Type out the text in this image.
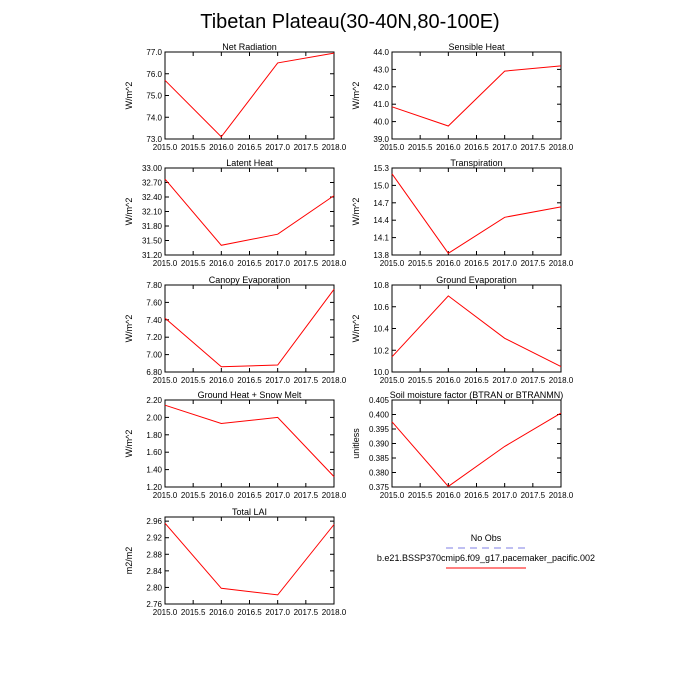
Tibetan Plateau(30-40N,80-100E)
Net Radiation
2015.0 2015.5 2016.0 2016.5 2017.0 2017.5 2018.0
73.0
74.0
75.0
76.0
77.0
W/m^2
Sensible Heat
2015.0 2015.5 2016.0 2016.5 2017.0 2017.5 2018.0
39.0
40.0
41.0
42.0
43.0
44.0
W/m^2
Latent Heat
2015.0 2015.5 2016.0 2016.5 2017.0 2017.5 2018.0
31.20
31.50
31.80
32.10
32.40
32.70
33.00
W/m^2
Transpiration
2015.0 2015.5 2016.0 2016.5 2017.0 2017.5 2018.0
13.8
14.1
14.4
14.7
15.0
15.3
W/m^2
Canopy Evaporation
2015.0 2015.5 2016.0 2016.5 2017.0 2017.5 2018.0
6.80
7.00
7.20
7.40
7.60
7.80
W/m^2
Ground Evaporation
2015.0 2015.5 2016.0 2016.5 2017.0 2017.5 2018.0
10.0
10.2
10.4
10.6
10.8
W/m^2
Ground Heat + Snow Melt
2015.0 2015.5 2016.0 2016.5 2017.0 2017.5 2018.0
1.20
1.40
1.60
1.80
2.00
2.20
W/m^2
Soil moisture factor (BTRAN or BTRANMN)
2015.0 2015.5 2016.0 2016.5 2017.0 2017.5 2018.0
0.375
0.380
0.385
0.390
0.395
0.400
0.405
unitless
Total LAI
2015.0 2015.5 2016.0 2016.5 2017.0 2017.5 2018.0
2.76
2.80
2.84
2.88
2.92
2.96
m2/m2
No Obs
b.e21.BSSP370cmip6.f09_g17.pacemaker_pacific.002
